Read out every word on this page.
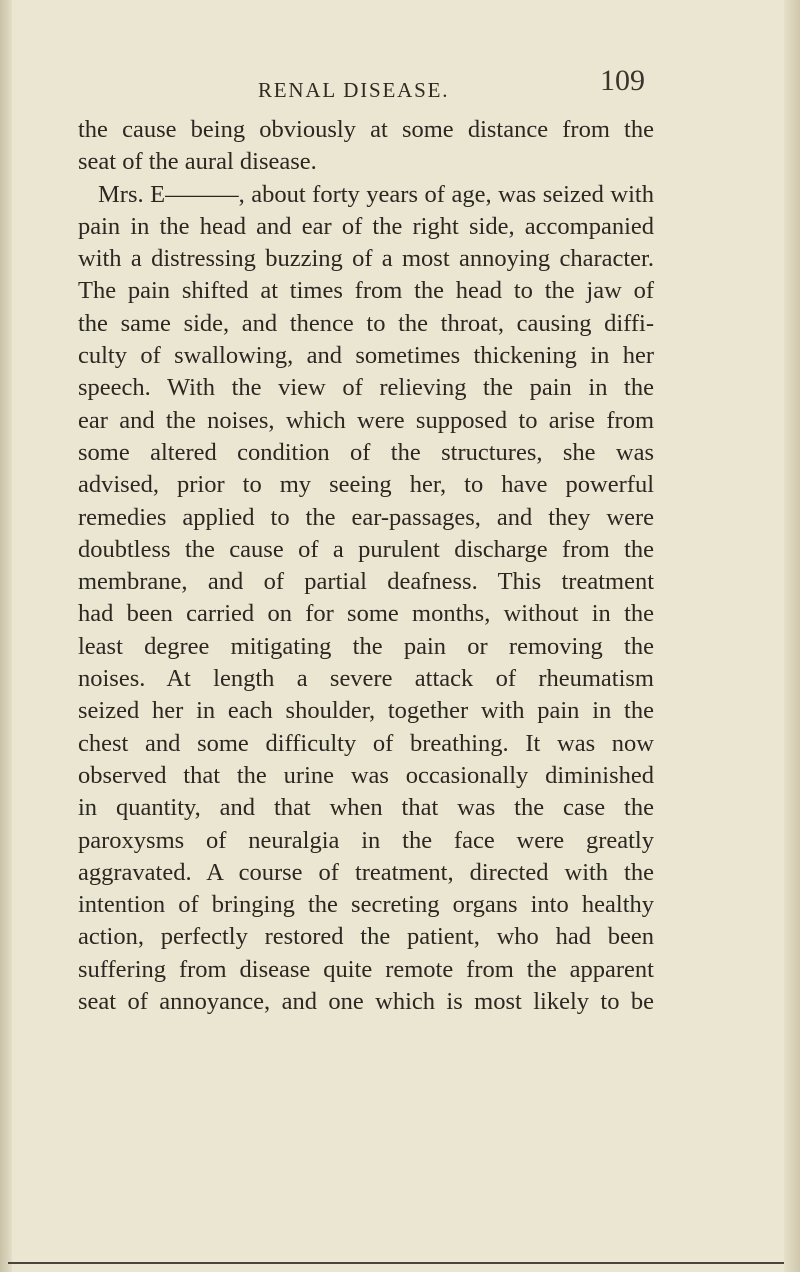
RENAL DISEASE.	109
the cause being obviously at some distance from the
seat of the aural disease.
Mrs. E———, about forty years of age, was seized with
pain in the head and ear of the right side, accompanied
with a distressing buzzing of a most annoying character.
The pain shifted at times from the head to the jaw of
the same side, and thence to the throat, causing diffi-
culty of swallowing, and sometimes thickening in her
speech. With the view of relieving the pain in the
ear and the noises, which were supposed to arise from
some altered condition of the structures, she was
advised, prior to my seeing her, to have powerful
remedies applied to the ear-passages, and they were
doubtless the cause of a purulent discharge from the
membrane, and of partial deafness. This treatment
had been carried on for some months, without in the
least degree mitigating the pain or removing the
noises. At length a severe attack of rheumatism
seized her in each shoulder, together with pain in the
chest and some difficulty of breathing. It was now
observed that the urine was occasionally diminished
in quantity, and that when that was the case the
paroxysms of neuralgia in the face were greatly
aggravated. A course of treatment, directed with the
intention of bringing the secreting organs into healthy
action, perfectly restored the patient, who had been
suffering from disease quite remote from the apparent
seat of annoyance, and one which is most likely to be
